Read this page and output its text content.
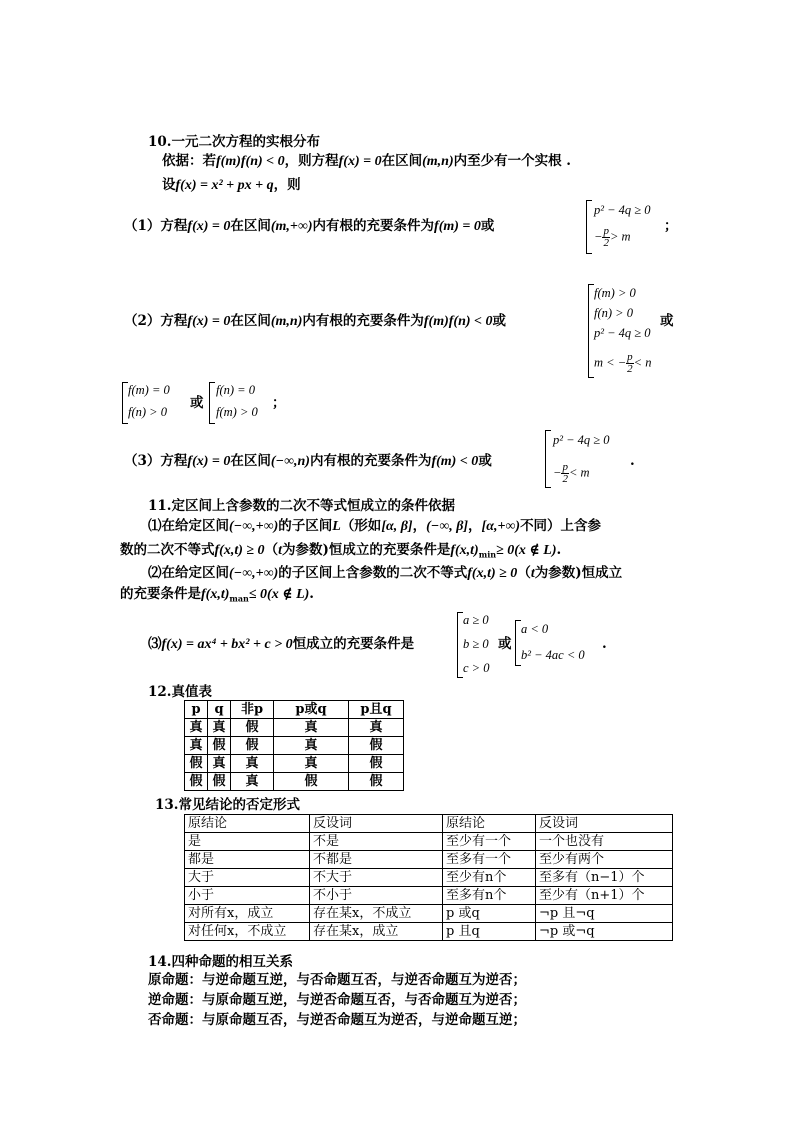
10.一元二次方程的实根分布
依据：若f(m)f(n) < 0，则方程f(x) = 0在区间(m,n)内至少有一个实根 .
设f(x) = x² + px + q，则
（1）方程f(x) = 0在区间(m,+∞)内有根的充要条件为f(m) = 0或
p² − 4q ≥ 0
− $\frac{p}{2} > m$
；
（2）方程f(x) = 0在区间(m,n)内有根的充要条件为f(m)f(n) < 0或
f(m) > 0
f(n) > 0
p² − 4q ≥ 0
m < − $\frac{p}{2} < n$
或
f(m) = 0
f(n) > 0
或
f(n) = 0
f(m) > 0
；
（3）方程f(x) = 0在区间(−∞,n)内有根的充要条件为f(m) < 0或
p² − 4q ≥ 0
− $\frac{p}{2} < m$
.
11.定区间上含参数的二次不等式恒成立的条件依据
⑴在给定区间(−∞,+∞)的子区间L（形如[α, β]，(−∞, β]，[α,+∞)不同）上含参
数的二次不等式f(x,t) ≥ 0（t为参数)恒成立的充要条件是$f(x,t)_{min}\ge 0(x$ ∉ L).
⑵在给定区间(−∞,+∞)的子区间上含参数的二次不等式f(x,t) ≥ 0（t为参数)恒成立
的充要条件是$f(x,t)_{man}\le 0(x$ ∉ L).
⑶f(x) = ax⁴ + bx² + c > 0恒成立的充要条件是
a ≥ 0
b ≥ 0
c > 0
或
a < 0
b² − 4ac < 0
.
12.真值表
p	q	非p	p或q	p且q
真	真	假	真	真
真	假	假	真	假
假	真	真	真	假
假	假	真	假	假
13.常见结论的否定形式
原结论	反设词	原结论	反设词
是	不是	至少有一个	一个也没有
都是	不都是	至多有一个	至少有两个
大于	不大于	至少有n个	至多有（n−1）个
小于	不小于	至多有n个	至少有（n+1）个
对所有x，成立	存在某x，不成立	p 或q	¬p 且¬q
对任何x，不成立	存在某x，成立	p 且q	¬p 或¬q
14.四种命题的相互关系
原命题：与逆命题互逆，与否命题互否，与逆否命题互为逆否；
逆命题：与原命题互逆，与逆否命题互否，与否命题互为逆否；
否命题：与原命题互否，与逆否命题互为逆否，与逆命题互逆；
